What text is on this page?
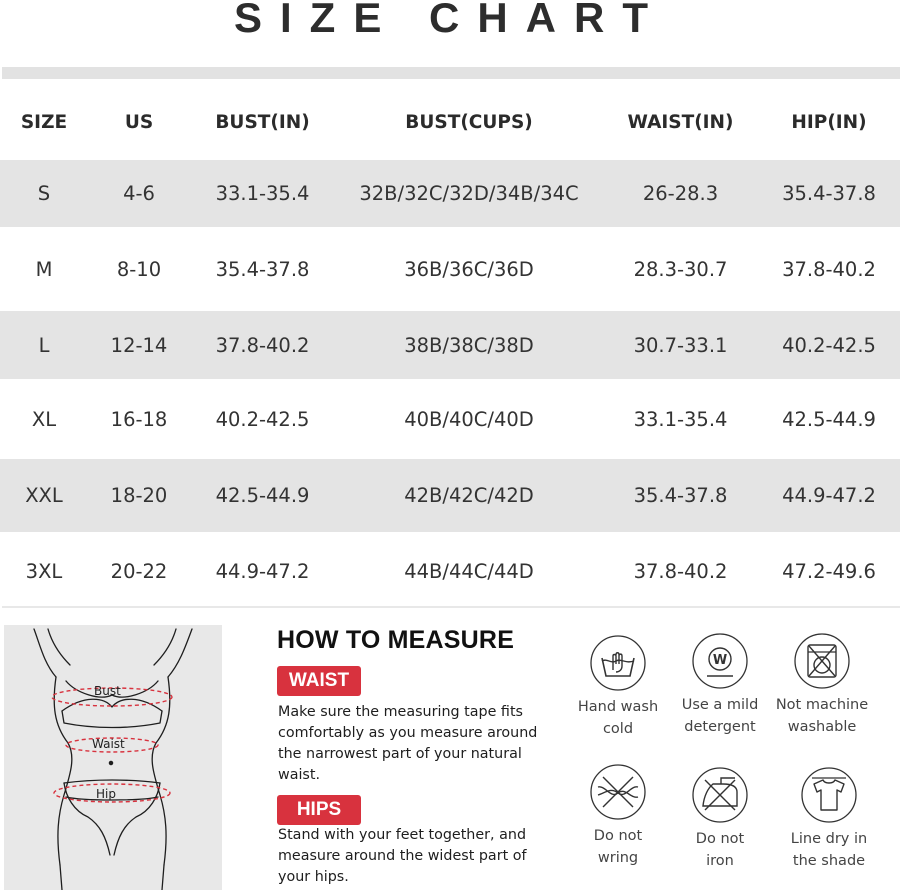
SIZE CHART
SIZE	US	BUST(IN)	BUST(CUPS)	WAIST(IN)	HIP(IN)
S	4-6	33.1-35.4	32B/32C/32D/34B/34C	26-28.3	35.4-37.8
M	8-10	35.4-37.8	36B/36C/36D	28.3-30.7	37.8-40.2
L	12-14	37.8-40.2	38B/38C/38D	30.7-33.1	40.2-42.5
XL	16-18	40.2-42.5	40B/40C/40D	33.1-35.4	42.5-44.9
XXL	18-20	42.5-44.9	42B/42C/42D	35.4-37.8	44.9-47.2
3XL	20-22	44.9-47.2	44B/44C/44D	37.8-40.2	47.2-49.6
Bust
Waist
Hip
HOW TO MEASURE
WAIST
Make sure the measuring tape fits comfortably as you measure around the narrowest part of your natural waist.
HIPS
Stand with your feet together, and measure around the widest part of your hips.
Hand wash
cold
W
Use a mild
detergent
Not machine
washable
Do not
wring
Do not
iron
Line dry in
the shade
